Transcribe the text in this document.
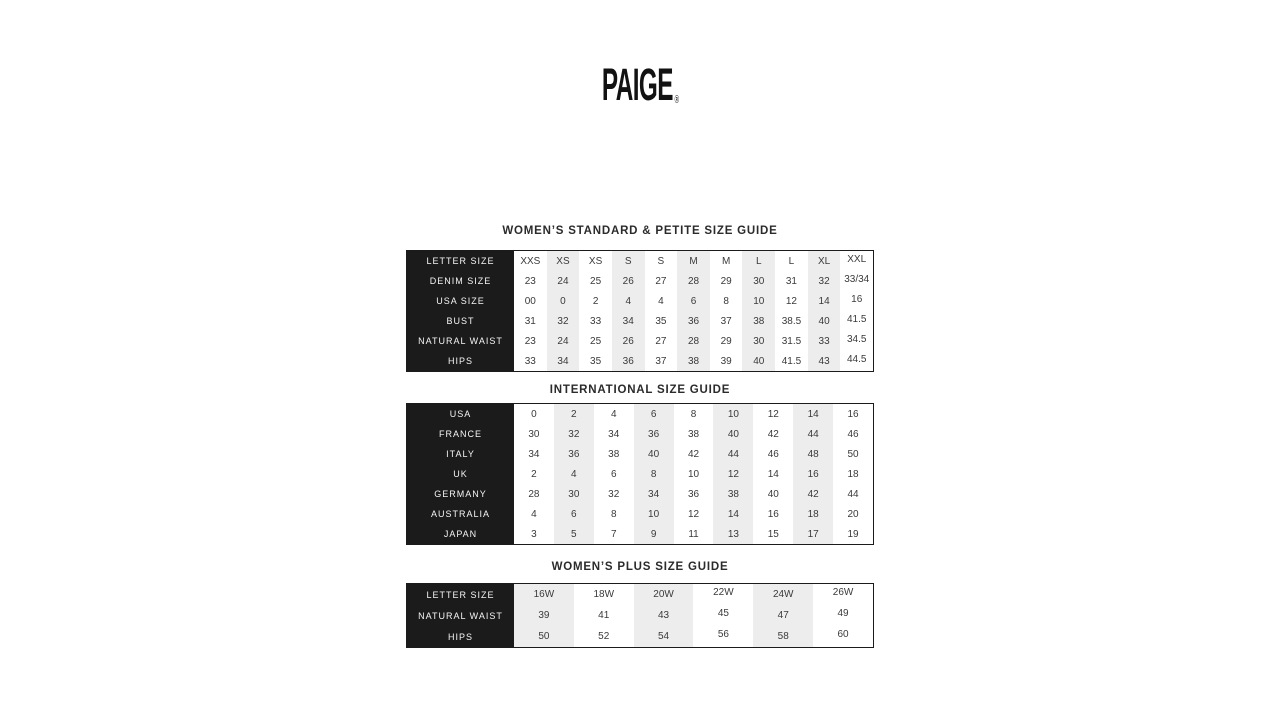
PAIGE ®
WOMEN’S STANDARD & PETITE SIZE GUIDE
LETTER SIZE	XXS	XS	XS	S	S	M	M	L	L	XL	XXL
DENIM SIZE	23	24	25	26	27	28	29	30	31	32	33/34
USA SIZE	00	0	2	4	4	6	8	10	12	14	16
BUST	31	32	33	34	35	36	37	38	38.5	40	41.5
NATURAL WAIST	23	24	25	26	27	28	29	30	31.5	33	34.5
HIPS	33	34	35	36	37	38	39	40	41.5	43	44.5
INTERNATIONAL SIZE GUIDE
USA	0	2	4	6	8	10	12	14	16
FRANCE	30	32	34	36	38	40	42	44	46
ITALY	34	36	38	40	42	44	46	48	50
UK	2	4	6	8	10	12	14	16	18
GERMANY	28	30	32	34	36	38	40	42	44
AUSTRALIA	4	6	8	10	12	14	16	18	20
JAPAN	3	5	7	9	11	13	15	17	19
WOMEN’S PLUS SIZE GUIDE
LETTER SIZE	16W	18W	20W	22W	24W	26W
NATURAL WAIST	39	41	43	45	47	49
HIPS	50	52	54	56	58	60
